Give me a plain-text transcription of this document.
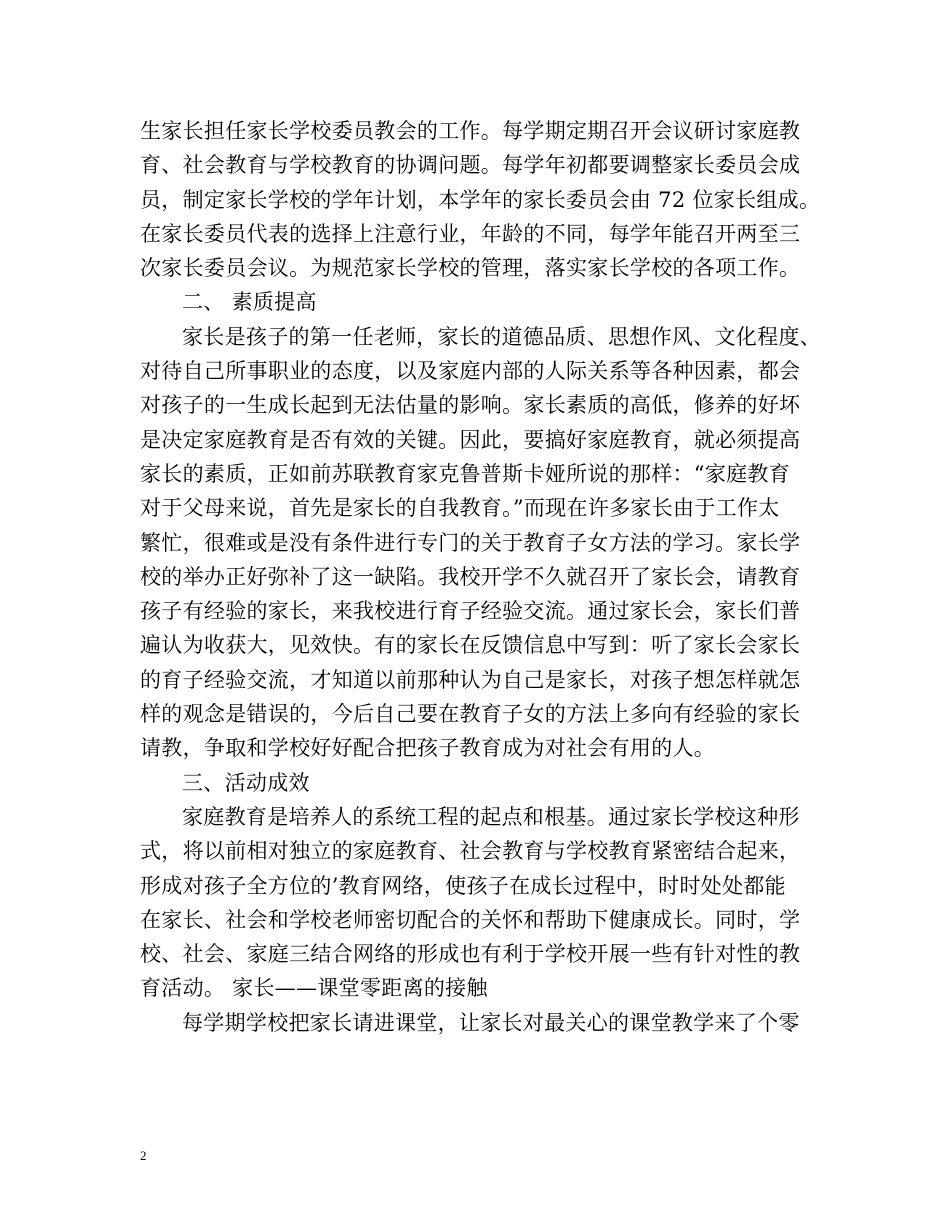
生家长担任家长学校委员教会的工作。每学期定期召开会议研讨家庭教
育、社会教育与学校教育的协调问题。每学年初都要调整家长委员会成
员，制定家长学校的学年计划，本学年的家长委员会由 72 位家长组成。
在家长委员代表的选择上注意行业，年龄的不同，每学年能召开两至三
次家长委员会议。为规范家长学校的管理，落实家长学校的各项工作。
二、 素质提高
家长是孩子的第一任老师，家长的道德品质、思想作风、文化程度、
对待自己所事职业的态度，以及家庭内部的人际关系等各种因素，都会
对孩子的一生成长起到无法估量的影响。家长素质的高低，修养的好坏
是决定家庭教育是否有效的关键。因此，要搞好家庭教育，就必须提高
家长的素质，正如前苏联教育家克鲁普斯卡娅所说的那样：“家庭教育
对于父母来说，首先是家长的自我教育。”而现在许多家长由于工作太
繁忙，很难或是没有条件进行专门的关于教育子女方法的学习。家长学
校的举办正好弥补了这一缺陷。我校开学不久就召开了家长会，请教育
孩子有经验的家长，来我校进行育子经验交流。通过家长会，家长们普
遍认为收获大，见效快。有的家长在反馈信息中写到：听了家长会家长
的育子经验交流，才知道以前那种认为自己是家长，对孩子想怎样就怎
样的观念是错误的，今后自己要在教育子女的方法上多向有经验的家长
请教，争取和学校好好配合把孩子教育成为对社会有用的人。
三、活动成效
家庭教育是培养人的系统工程的起点和根基。通过家长学校这种形
式，将以前相对独立的家庭教育、社会教育与学校教育紧密结合起来，
形成对孩子全方位的’教育网络，使孩子在成长过程中，时时处处都能
在家长、社会和学校老师密切配合的关怀和帮助下健康成长。同时，学
校、社会、家庭三结合网络的形成也有利于学校开展一些有针对性的教
育活动。 家长——课堂零距离的接触
每学期学校把家长请进课堂，让家长对最关心的课堂教学来了个零
2
